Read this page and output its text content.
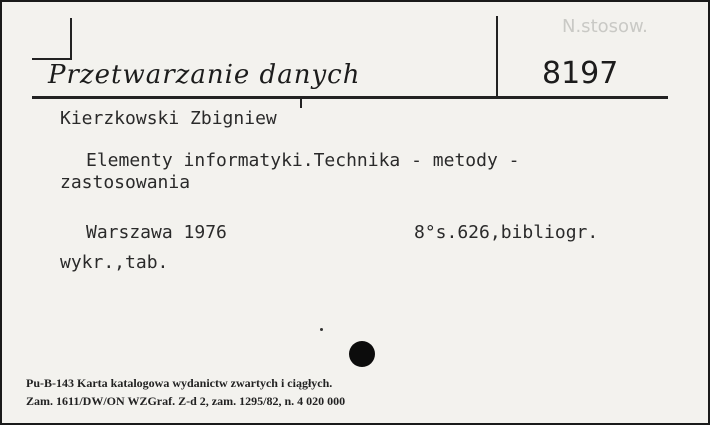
N.stosow.
Przetwarzanie danych	8197
Kierzkowski Zbigniew
Elementy informatyki.Technika - metody -
zastosowania
Warszawa 1976	8°s.626,bibliogr.
wykr.,tab.
Pu-B-143 Karta katalogowa wydanictw zwartych i ciągłych.
Zam. 1611/DW/ON WZGraf. Z-d 2, zam. 1295/82, n. 4 020 000
